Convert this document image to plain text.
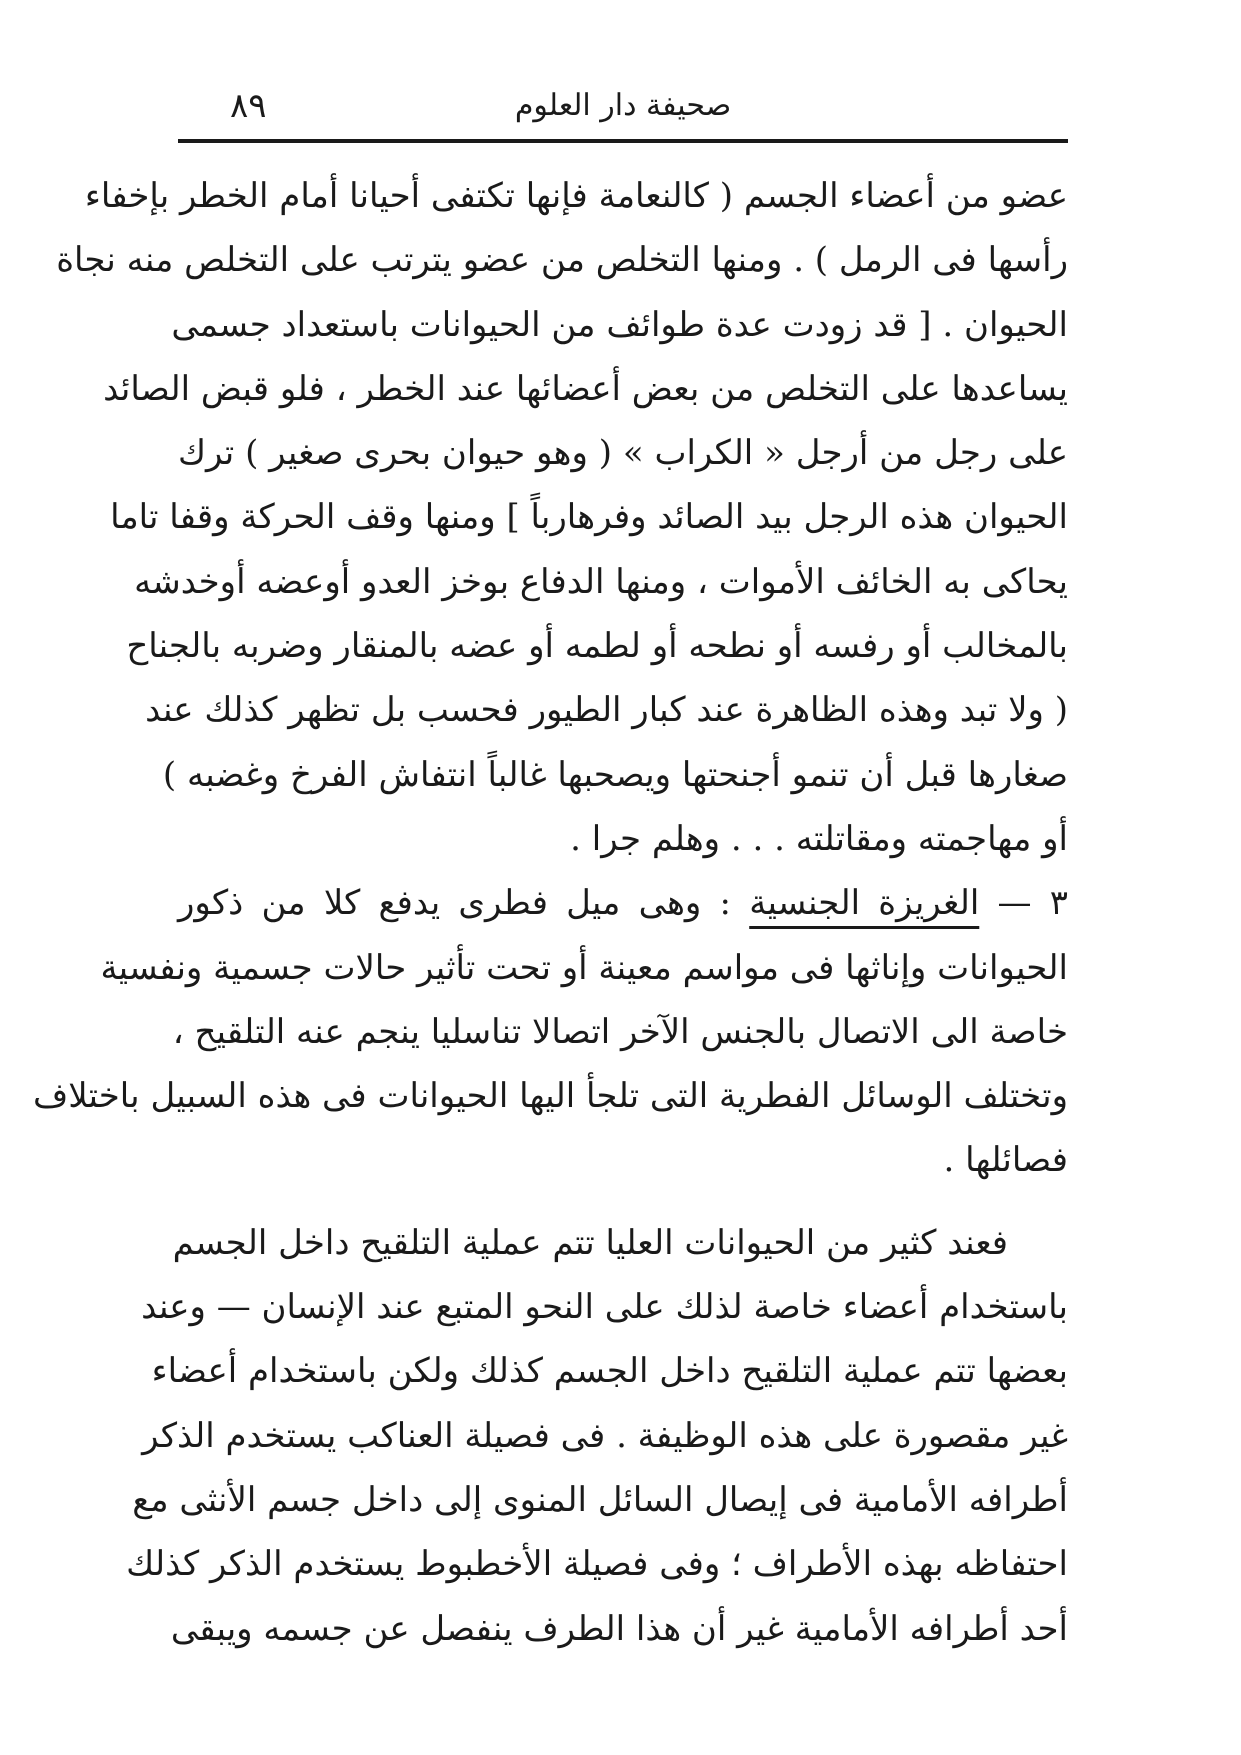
صحيفة دار العلوم
٨٩
عضو من أعضاء الجسم ( كالنعامة فإنها تكتفى أحيانا أمام الخطر بإخفاء
رأسها فى الرمل ) . ومنها التخلص من عضو يترتب على التخلص منه نجاة
الحيوان . [ قد زودت عدة طوائف من الحيوانات باستعداد جسمى
يساعدها على التخلص من بعض أعضائها عند الخطر ، فلو قبض الصائد
على رجل من أرجل « الكراب » ( وهو حيوان بحرى صغير ) ترك
الحيوان هذه الرجل بيد الصائد وفرهارباً ] ومنها وقف الحركة وقفا تاما
يحاكى به الخائف الأموات ، ومنها الدفاع بوخز العدو أوعضه أوخدشه
بالمخالب أو رفسه أو نطحه أو لطمه أو عضه بالمنقار وضربه بالجناح
( ولا تبد وهذه الظاهرة عند كبار الطيور فحسب بل تظهر كذلك عند
صغارها قبل أن تنمو أجنحتها ويصحبها غالباً انتفاش الفرخ وغضبه )
أو مهاجمته ومقاتلته . . . وهلم جرا .
٣ — الغريزة الجنسية : وهى ميل فطرى يدفع كلا من ذكور
الحيوانات وإناثها فى مواسم معينة أو تحت تأثير حالات جسمية ونفسية
خاصة الى الاتصال بالجنس الآخر اتصالا تناسليا ينجم عنه التلقيح ،
وتختلف الوسائل الفطرية التى تلجأ اليها الحيوانات فى هذه السبيل باختلاف
فصائلها .
فعند كثير من الحيوانات العليا تتم عملية التلقيح داخل الجسم
باستخدام أعضاء خاصة لذلك على النحو المتبع عند الإنسان — وعند
بعضها تتم عملية التلقيح داخل الجسم كذلك ولكن باستخدام أعضاء
غير مقصورة على هذه الوظيفة . فى فصيلة العناكب يستخدم الذكر
أطرافه الأمامية فى إيصال السائل المنوى إلى داخل جسم الأنثى مع
احتفاظه بهذه الأطراف ؛ وفى فصيلة الأخطبوط يستخدم الذكر كذلك
أحد أطرافه الأمامية غير أن هذا الطرف ينفصل عن جسمه ويبقى
